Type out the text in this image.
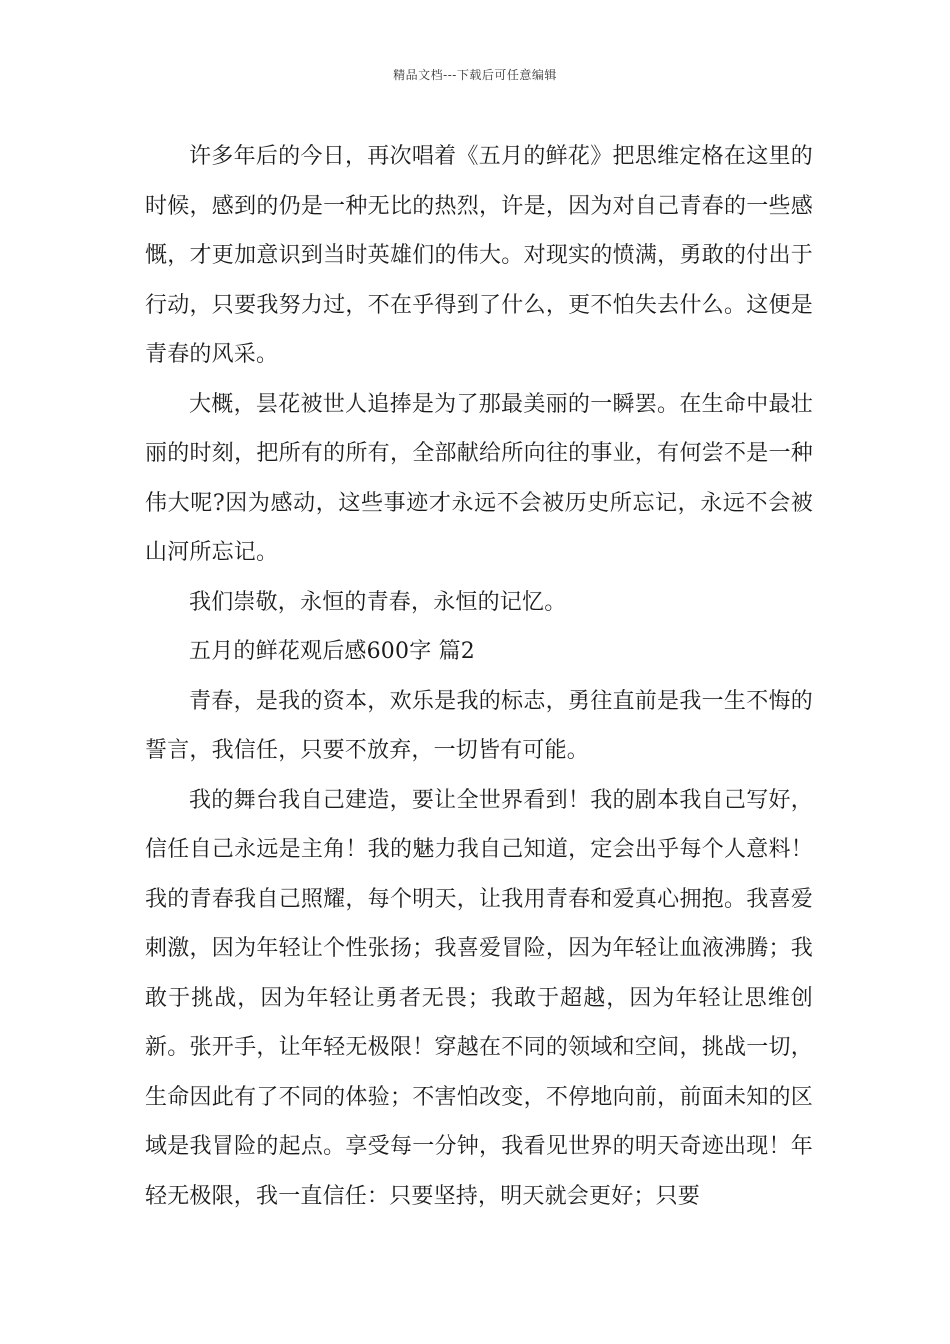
精品文档---下载后可任意编辑

许多年后的今日，再次唱着《五月的鲜花》把思维定格在这里的时候，感到的仍是一种无比的热烈，许是，因为对自己青春的一些感慨，才更加意识到当时英雄们的伟大。对现实的愤满，勇敢的付出于行动，只要我努力过，不在乎得到了什么，更不怕失去什么。这便是青春的风采。

大概，昙花被世人追捧是为了那最美丽的一瞬罢。在生命中最壮丽的时刻，把所有的所有，全部献给所向往的事业，有何尝不是一种伟大呢?因为感动，这些事迹才永远不会被历史所忘记，永远不会被山河所忘记。

我们崇敬，永恒的青春，永恒的记忆。

五月的鲜花观后感600字 篇2

青春，是我的资本，欢乐是我的标志，勇往直前是我一生不悔的誓言，我信任，只要不放弃，一切皆有可能。

我的舞台我自己建造，要让全世界看到！我的剧本我自己写好，信任自己永远是主角！我的魅力我自己知道，定会出乎每个人意料！我的青春我自己照耀，每个明天，让我用青春和爱真心拥抱。我喜爱刺激，因为年轻让个性张扬；我喜爱冒险，因为年轻让血液沸腾；我敢于挑战，因为年轻让勇者无畏；我敢于超越，因为年轻让思维创新。张开手，让年轻无极限！穿越在不同的领域和空间，挑战一切，生命因此有了不同的体验；不害怕改变，不停地向前，前面未知的区域是我冒险的起点。享受每一分钟，我看见世界的明天奇迹出现！年轻无极限，我一直信任：只要坚持，明天就会更好；只要
